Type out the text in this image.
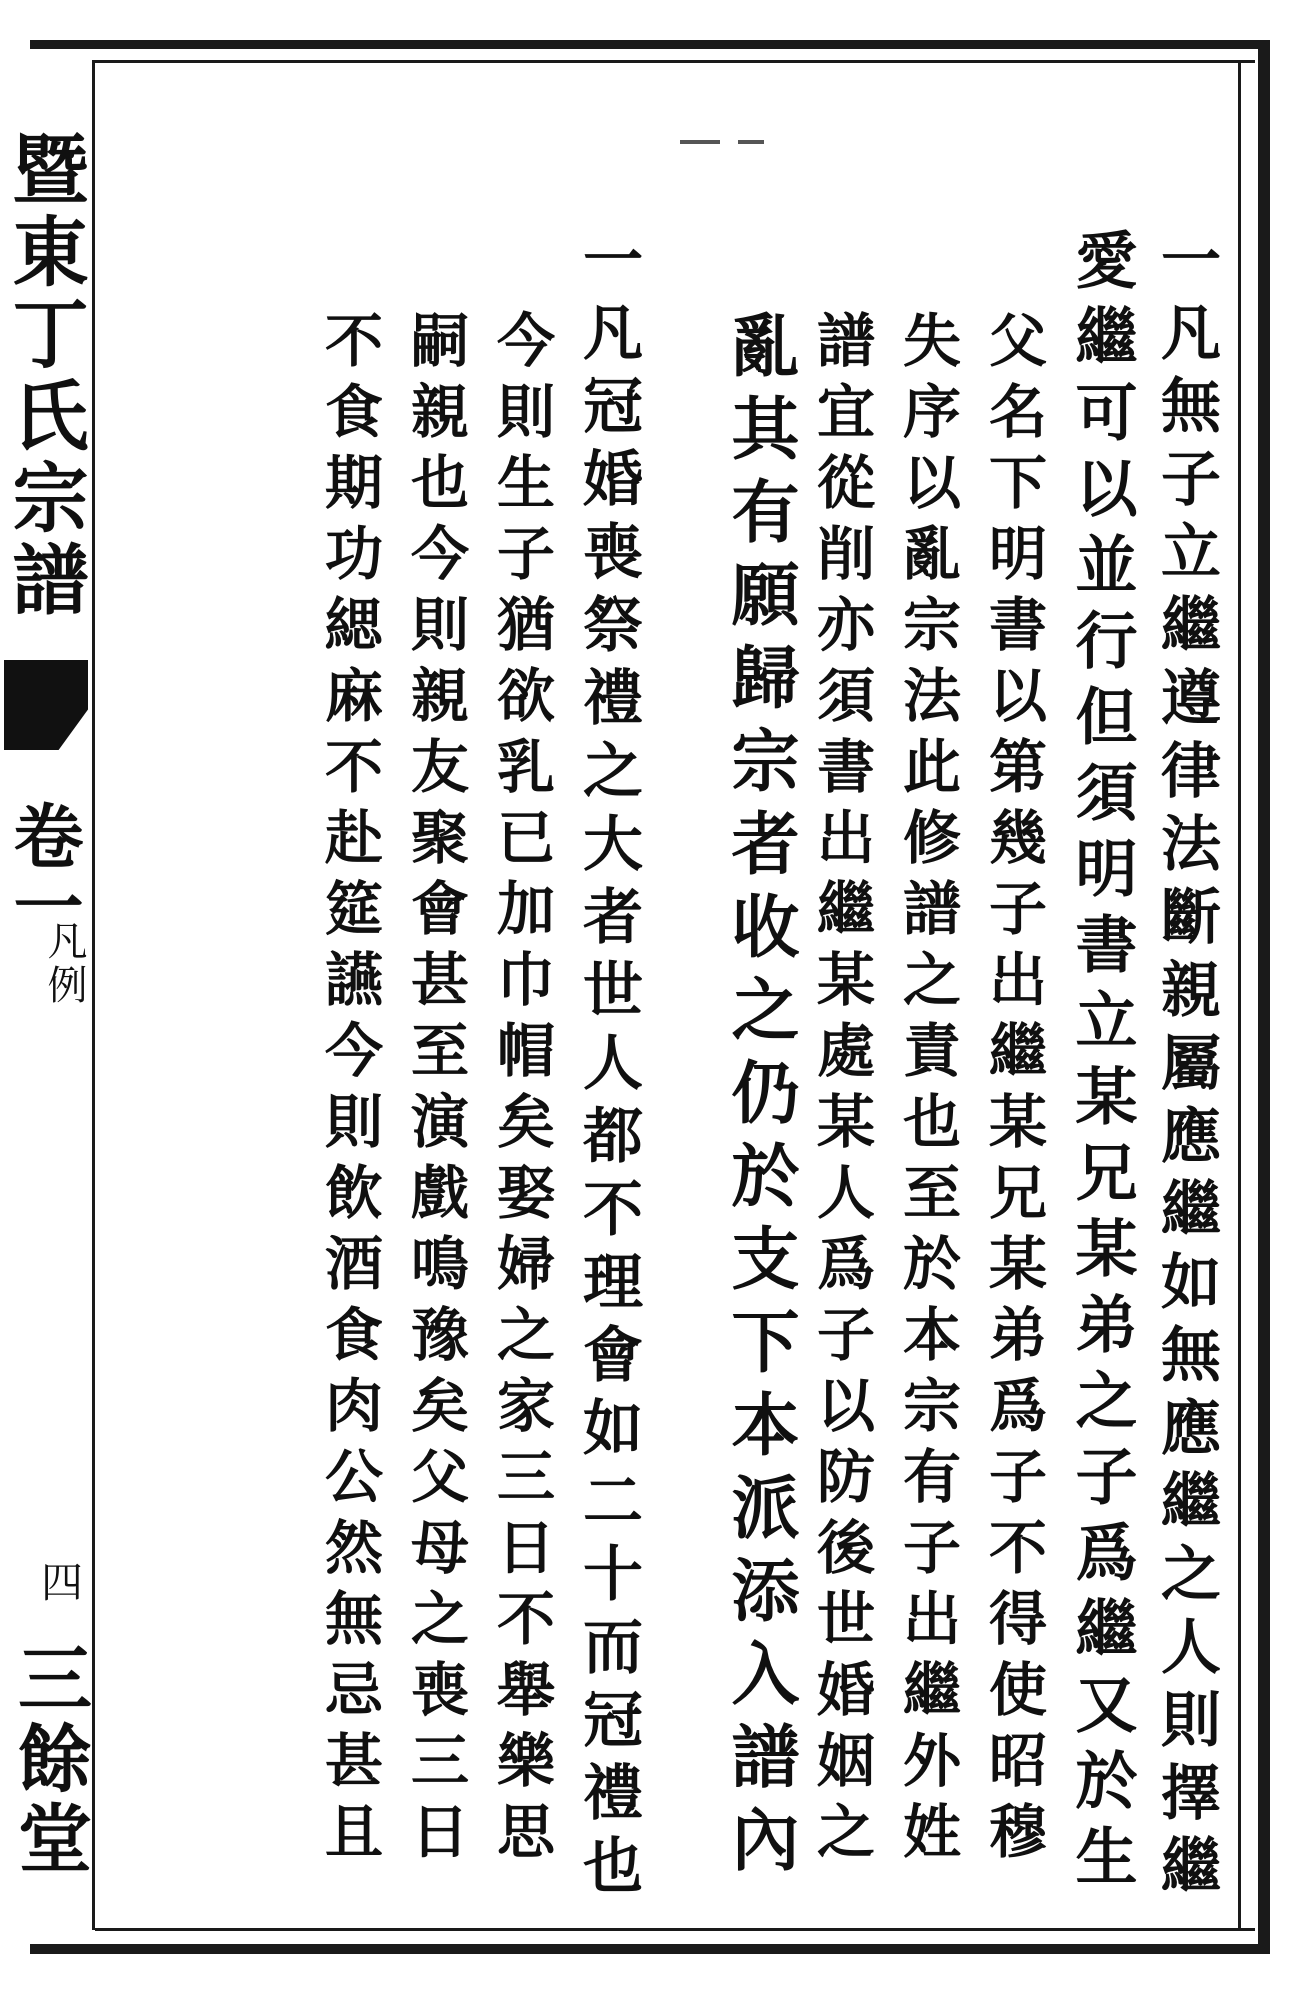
暨東丁氏宗譜
卷一
凡例
四
三餘堂	一凡無子立繼遵律法斷親屬應繼如無應繼之人則擇繼
愛繼可以並行但須明書立某兄某弟之子爲繼又於生
父名下明書以第幾子出繼某兄某弟爲子不得使昭穆
失序以亂宗法此修譜之責也至於本宗有子出繼外姓
譜宜從削亦須書出繼某處某人爲子以防後世婚姻之
亂其有願歸宗者收之仍於支下本派添入譜內
一凡冠婚喪祭禮之大者世人都不理會如二十而冠禮也
今則生子猶欲乳已加巾帽矣娶婦之家三日不舉樂思
嗣親也今則親友聚會甚至演戲鳴豫矣父母之喪三日
不食期功緦麻不赴筵讌今則飲酒食肉公然無忌甚且
